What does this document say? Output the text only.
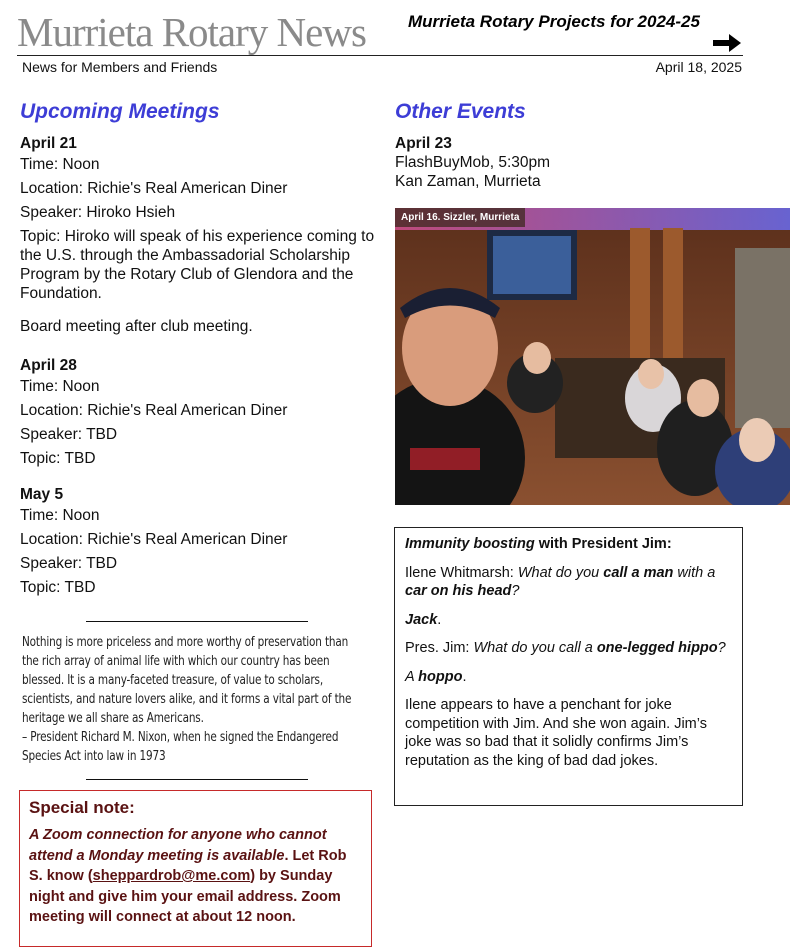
Murrieta Rotary News Murrieta Rotary Projects for 2024-25
News for Members and Friends	April 18, 2025
Upcoming Meetings
April 21
Time: Noon
Location: Richie's Real American Diner
Speaker: Hiroko Hsieh
Topic: Hiroko will speak of his experience coming to the U.S. through the Ambassadorial Scholarship Program by the Rotary Club of Glendora and the Foundation.
Board meeting after club meeting.
April 28
Time: Noon
Location: Richie's Real American Diner
Speaker: TBD
Topic: TBD
May 5
Time: Noon
Location: Richie's Real American Diner
Speaker: TBD
Topic: TBD
Nothing is more priceless and more worthy of preservation than the rich array of animal life with which our country has been blessed. It is a many-faceted treasure, of value to scholars, scientists, and nature lovers alike, and it forms a vital part of the heritage we all share as Americans.
– President Richard M. Nixon, when he signed the Endangered Species Act into law in 1973
Special note:
A Zoom connection for anyone who cannot attend a Monday meeting is available. Let Rob S. know (sheppardrob@me.com) by Sunday night and give him your email address. Zoom meeting will connect at about 12 noon.
Other Events
April 23
FlashBuyMob, 5:30pm
Kan Zaman, Murrieta
April 16. Sizzler, Murrieta

Immunity boosting with President Jim:

Ilene Whitmarsh: What do you call a man with a car on his head?

Jack.

Pres. Jim: What do you call a one-legged hippo?

A hoppo.

Ilene appears to have a penchant for joke competition with Jim. And she won again. Jim’s joke was so bad that it solidly confirms Jim’s reputation as the king of bad dad jokes.
